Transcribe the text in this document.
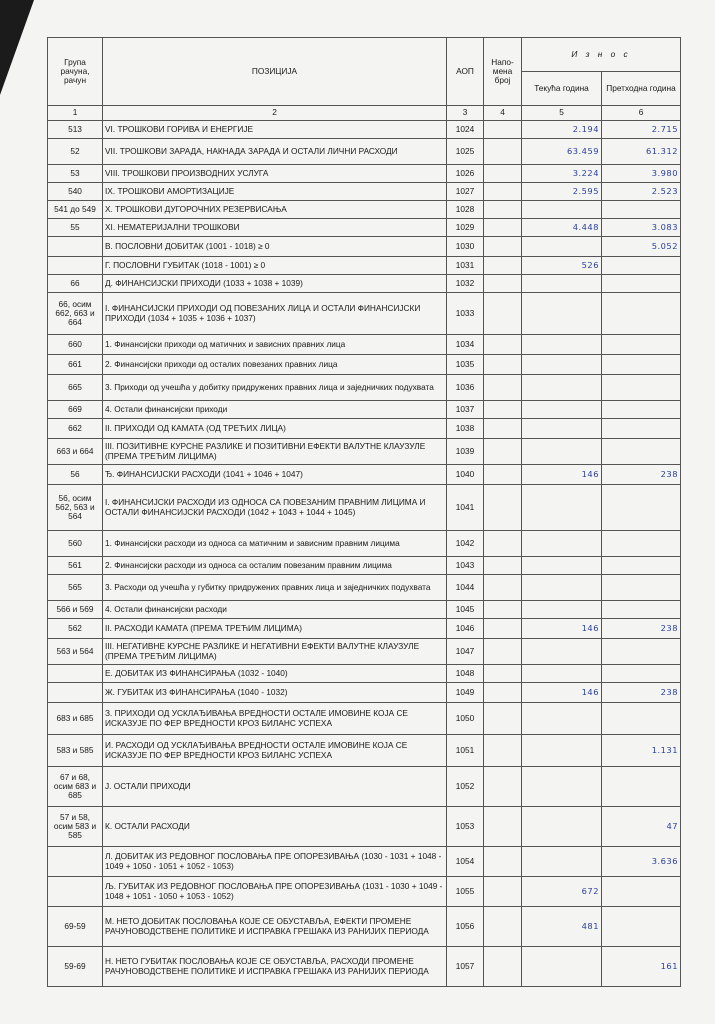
Група рачуна, рачун	ПОЗИЦИЈА	АОП	Напо-мена број	И з н о с	
				Текућа година	Претходна година
1	2	3	4	5	6
513	VI. ТРОШКОВИ ГОРИВА И ЕНЕРГИЈЕ	1024		2.194	2.715
52	VII. ТРОШКОВИ ЗАРАДА, НАКНАДА ЗАРАДА И ОСТАЛИ ЛИЧНИ РАСХОДИ	1025		63.459	61.312
53	VIII. ТРОШКОВИ ПРОИЗВОДНИХ УСЛУГА	1026		3.224	3.980
540	IX. ТРОШКОВИ АМОРТИЗАЦИЈЕ	1027		2.595	2.523
541 до 549	X. ТРОШКОВИ ДУГОРОЧНИХ РЕЗЕРВИСАЊА	1028			
55	XI. НЕМАТЕРИЈАЛНИ ТРОШКОВИ	1029		4.448	3.083
	В. ПОСЛОВНИ ДОБИТАК (1001 - 1018) ≥ 0	1030			5.052
	Г. ПОСЛОВНИ ГУБИТАК (1018 - 1001) ≥ 0	1031		526	
66	Д. ФИНАНСИЈСКИ ПРИХОДИ (1033 + 1038 + 1039)	1032			
66, осим 662, 663 и 664	I. ФИНАНСИЈСКИ ПРИХОДИ ОД ПОВЕЗАНИХ ЛИЦА И ОСТАЛИ ФИНАНСИЈСКИ ПРИХОДИ (1034 + 1035 + 1036 + 1037)	1033			
660	1. Финансијски приходи од матичних и зависних правних лица	1034			
661	2. Финансијски приходи од осталих повезаних правних лица	1035			
665	3. Приходи од учешћа у добитку придружених правних лица и заједничких подухвата	1036			
669	4. Остали финансијски приходи	1037			
662	II. ПРИХОДИ ОД КАМАТА (ОД ТРЕЋИХ ЛИЦА)	1038			
663 и 664	III. ПОЗИТИВНЕ КУРСНЕ РАЗЛИКЕ И ПОЗИТИВНИ ЕФЕКТИ ВАЛУТНЕ КЛАУЗУЛЕ (ПРЕМА ТРЕЋИМ ЛИЦИМА)	1039			
56	Ђ. ФИНАНСИЈСКИ РАСХОДИ (1041 + 1046 + 1047)	1040		146	238
56, осим 562, 563 и 564	I. ФИНАНСИЈСКИ РАСХОДИ ИЗ ОДНОСА СА ПОВЕЗАНИМ ПРАВНИМ ЛИЦИМА И ОСТАЛИ ФИНАНСИЈСКИ РАСХОДИ (1042 + 1043 + 1044 + 1045)	1041			
560	1. Финансијски расходи из односа са матичним и зависним правним лицима	1042			
561	2. Финансијски расходи из односа са осталим повезаним правним лицима	1043			
565	3. Расходи од учешћа у губитку придружених правних лица и заједничких подухвата	1044			
566 и 569	4. Остали финансијски расходи	1045			
562	II. РАСХОДИ КАМАТА (ПРЕМА ТРЕЋИМ ЛИЦИМА)	1046		146	238
563 и 564	III. НЕГАТИВНЕ КУРСНЕ РАЗЛИКЕ И НЕГАТИВНИ ЕФЕКТИ ВАЛУТНЕ КЛАУЗУЛЕ (ПРЕМА ТРЕЋИМ ЛИЦИМА)	1047			
	Е. ДОБИТАК ИЗ ФИНАНСИРАЊА (1032 - 1040)	1048			
	Ж. ГУБИТАК ИЗ ФИНАНСИРАЊА (1040 - 1032)	1049		146	238
683 и 685	З. ПРИХОДИ ОД УСКЛАЂИВАЊА ВРЕДНОСТИ ОСТАЛЕ ИМОВИНЕ КОЈА СЕ ИСКАЗУЈЕ ПО ФЕР ВРЕДНОСТИ КРОЗ БИЛАНС УСПЕХА	1050			
583 и 585	И. РАСХОДИ ОД УСКЛАЂИВАЊА ВРЕДНОСТИ ОСТАЛЕ ИМОВИНЕ КОЈА СЕ ИСКАЗУЈЕ ПО ФЕР ВРЕДНОСТИ КРОЗ БИЛАНС УСПЕХА	1051			1.131
67 и 68, осим 683 и 685	Ј. ОСТАЛИ ПРИХОДИ	1052			
57 и 58, осим 583 и 585	К. ОСТАЛИ РАСХОДИ	1053			47
	Л. ДОБИТАК ИЗ РЕДОВНОГ ПОСЛОВАЊА ПРЕ ОПОРЕЗИВАЊА (1030 - 1031 + 1048 - 1049 + 1050 - 1051 + 1052 - 1053)	1054			3.636
	Љ. ГУБИТАК ИЗ РЕДОВНОГ ПОСЛОВАЊА ПРЕ ОПОРЕЗИВАЊА (1031 - 1030 + 1049 - 1048 + 1051 - 1050 + 1053 - 1052)	1055		672	
69-59	М. НЕТО ДОБИТАК ПОСЛОВАЊА КОЈЕ СЕ ОБУСТАВЉА, ЕФЕКТИ ПРОМЕНЕ РАЧУНОВОДСТВЕНЕ ПОЛИТИКЕ И ИСПРАВКА ГРЕШАКА ИЗ РАНИЈИХ ПЕРИОДА	1056		481	
59-69	Н. НЕТО ГУБИТАК ПОСЛОВАЊА КОЈЕ СЕ ОБУСТАВЉА, РАСХОДИ ПРОМЕНЕ РАЧУНОВОДСТВЕНЕ ПОЛИТИКЕ И ИСПРАВКА ГРЕШАКА ИЗ РАНИЈИХ ПЕРИОДА	1057			161
